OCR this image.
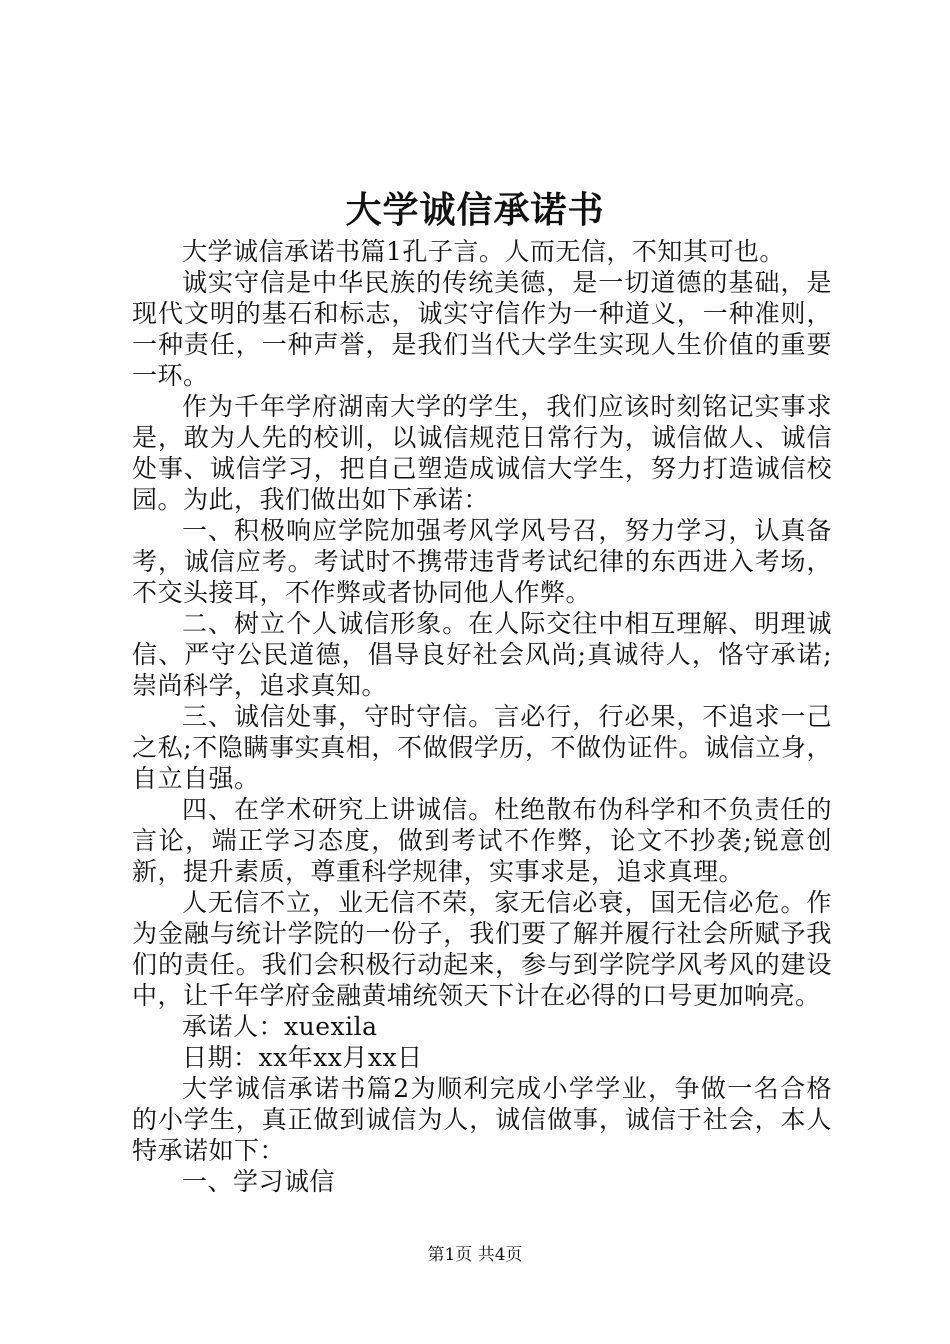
大学诚信承诺书

大学诚信承诺书篇1孔子言。人而无信，不知其可也。

诚实守信是中华民族的传统美德，是一切道德的基础，是现代文明的基石和标志，诚实守信作为一种道义，一种准则，一种责任，一种声誉，是我们当代大学生实现人生价值的重要一环。

作为千年学府湖南大学的学生，我们应该时刻铭记实事求是，敢为人先的校训，以诚信规范日常行为，诚信做人、诚信处事、诚信学习，把自己塑造成诚信大学生，努力打造诚信校园。为此，我们做出如下承诺：

一、积极响应学院加强考风学风号召，努力学习，认真备考，诚信应考。考试时不携带违背考试纪律的东西进入考场，不交头接耳，不作弊或者协同他人作弊。

二、树立个人诚信形象。在人际交往中相互理解、明理诚信、严守公民道德，倡导良好社会风尚;真诚待人，恪守承诺;崇尚科学，追求真知。

三、诚信处事，守时守信。言必行，行必果，不追求一己之私;不隐瞒事实真相，不做假学历，不做伪证件。诚信立身，自立自强。

四、在学术研究上讲诚信。杜绝散布伪科学和不负责任的言论，端正学习态度，做到考试不作弊，论文不抄袭;锐意创新，提升素质，尊重科学规律，实事求是，追求真理。

人无信不立，业无信不荣，家无信必衰，国无信必危。作为金融与统计学院的一份子，我们要了解并履行社会所赋予我们的责任。我们会积极行动起来，参与到学院学风考风的建设中，让千年学府金融黄埔统领天下计在必得的口号更加响亮。

承诺人：xuexila

日期：xx年xx月xx日

大学诚信承诺书篇2为顺利完成小学学业，争做一名合格的小学生，真正做到诚信为人，诚信做事，诚信于社会，本人特承诺如下：

一、学习诚信

第1页 共4页
